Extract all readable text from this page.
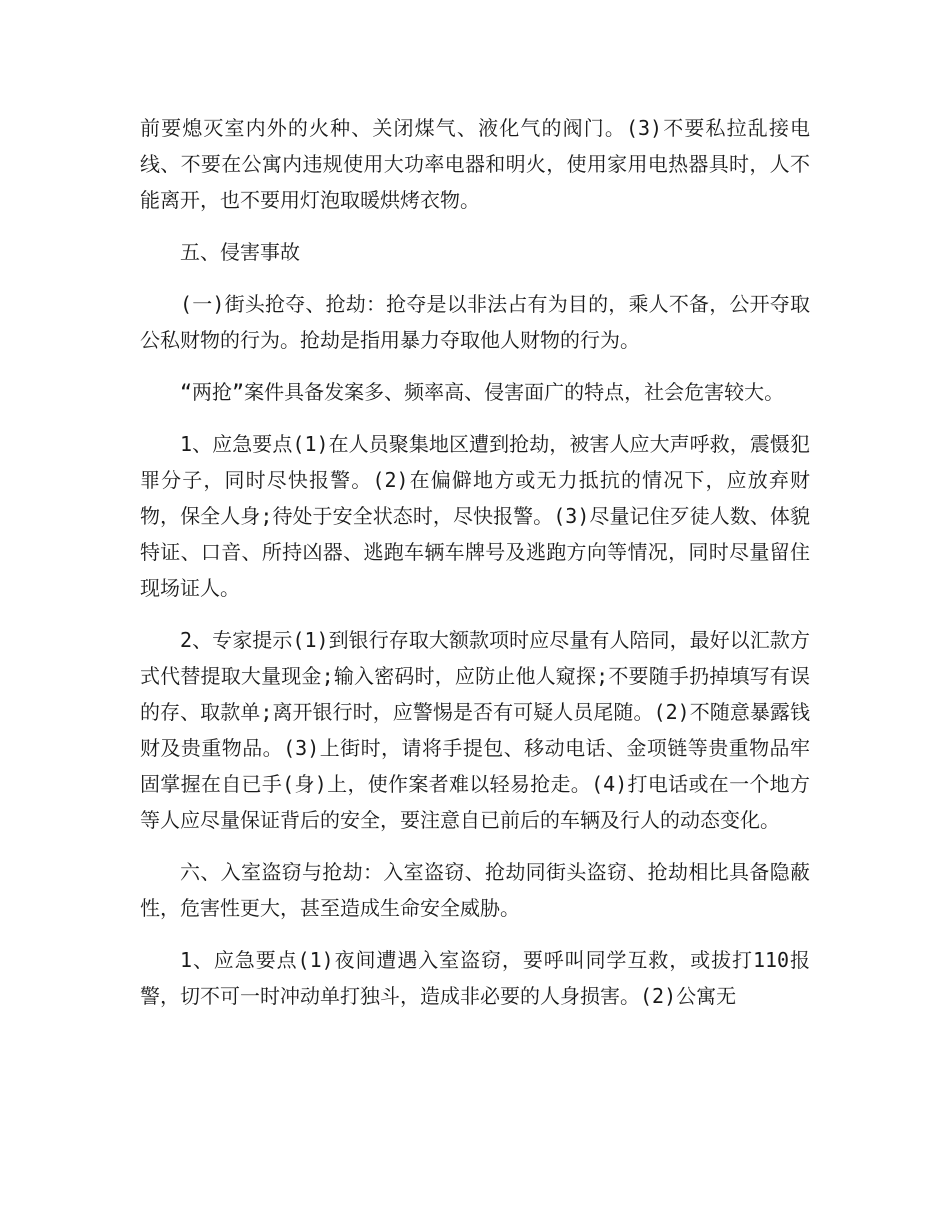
前要熄灭室内外的火种、关闭煤气、液化气的阀门。(3)不要私拉乱接电线、不要在公寓内违规使用大功率电器和明火，使用家用电热器具时，人不能离开，也不要用灯泡取暖烘烤衣物。

五、侵害事故

(一)街头抢夺、抢劫：抢夺是以非法占有为目的，乘人不备，公开夺取公私财物的行为。抢劫是指用暴力夺取他人财物的行为。

“两抢”案件具备发案多、频率高、侵害面广的特点，社会危害较大。

1、应急要点(1)在人员聚集地区遭到抢劫，被害人应大声呼救，震慑犯罪分子，同时尽快报警。(2)在偏僻地方或无力抵抗的情况下，应放弃财物，保全人身;待处于安全状态时，尽快报警。(3)尽量记住歹徒人数、体貌特证、口音、所持凶器、逃跑车辆车牌号及逃跑方向等情况，同时尽量留住现场证人。

2、专家提示(1)到银行存取大额款项时应尽量有人陪同，最好以汇款方式代替提取大量现金;输入密码时，应防止他人窥探;不要随手扔掉填写有误的存、取款单;离开银行时，应警惕是否有可疑人员尾随。(2)不随意暴露钱财及贵重物品。(3)上街时，请将手提包、移动电话、金项链等贵重物品牢固掌握在自已手(身)上，使作案者难以轻易抢走。(4)打电话或在一个地方等人应尽量保证背后的安全，要注意自已前后的车辆及行人的动态变化。

六、入室盗窃与抢劫：入室盗窃、抢劫同街头盗窃、抢劫相比具备隐蔽性，危害性更大，甚至造成生命安全威胁。

1、应急要点(1)夜间遭遇入室盗窃，要呼叫同学互救，或拔打110报警，切不可一时冲动单打独斗，造成非必要的人身损害。(2)公寓无
